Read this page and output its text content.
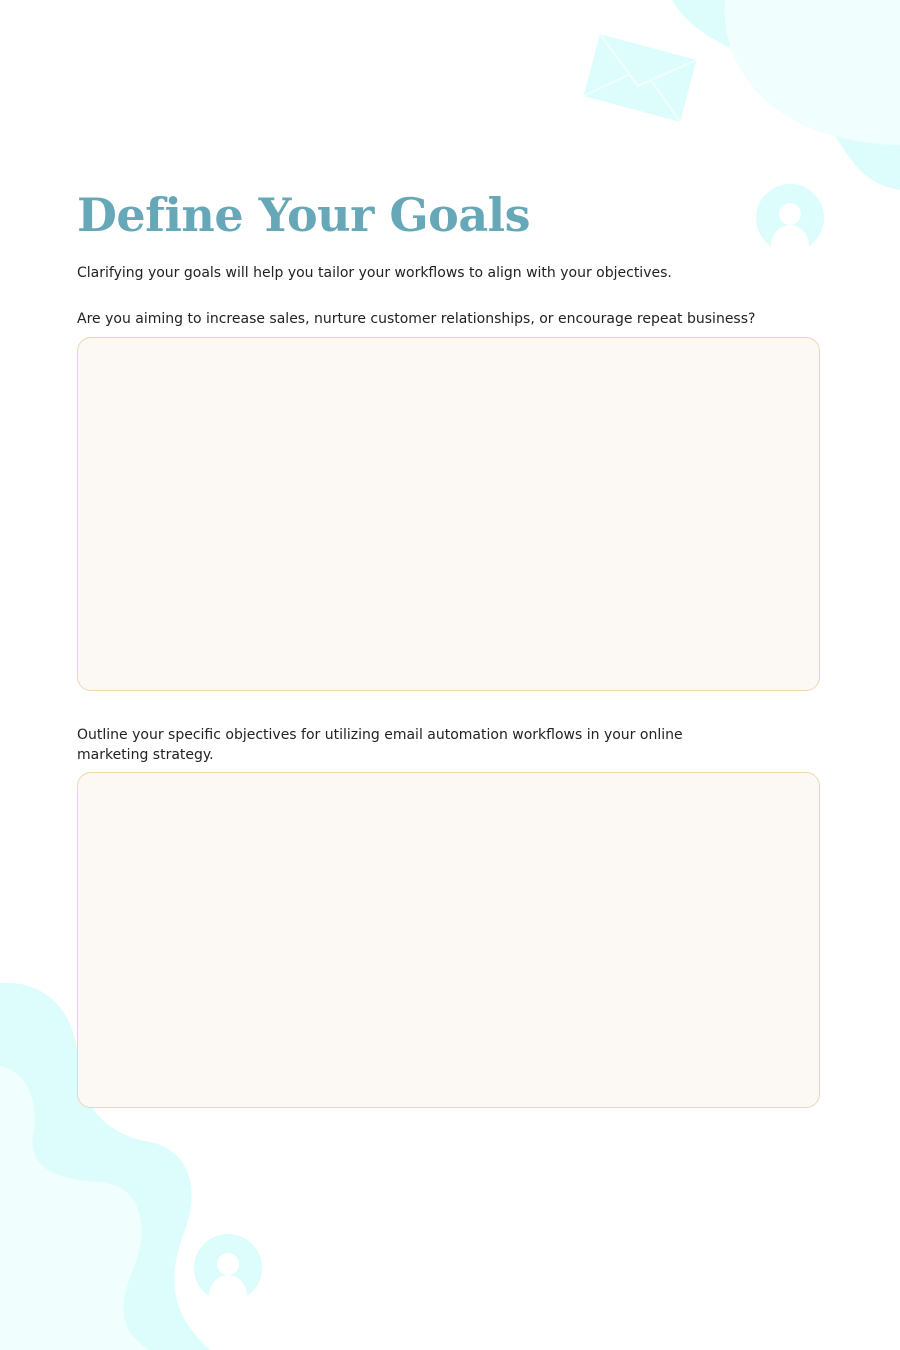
Define Your Goals

Clarifying your goals will help you tailor your workflows to align with your objectives.

Are you aiming to increase sales, nurture customer relationships, or encourage repeat business?

Outline your specific objectives for utilizing email automation workflows in your online marketing strategy.
